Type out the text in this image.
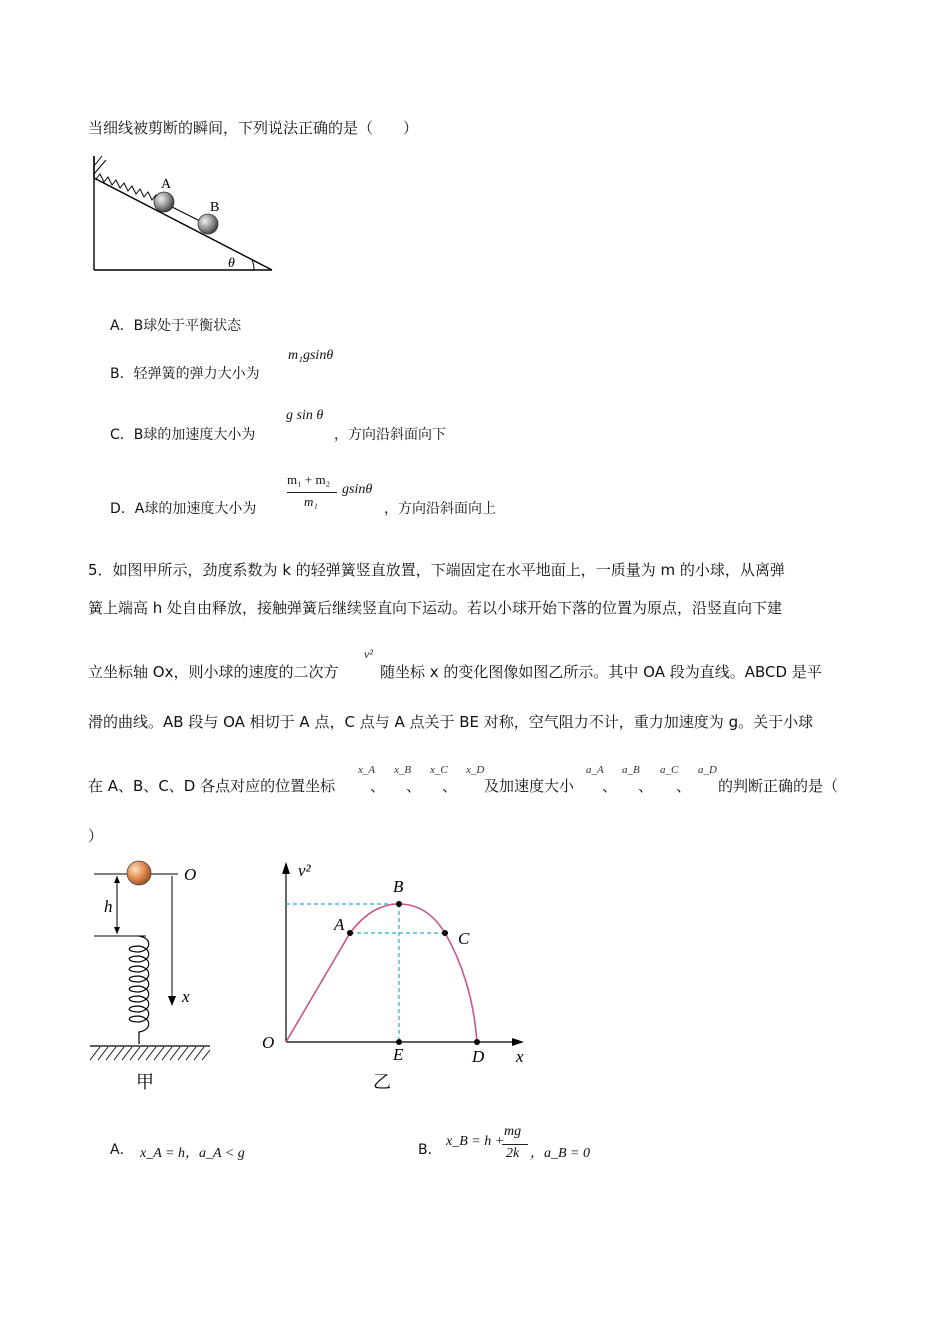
当细线被剪断的瞬间，下列说法正确的是（　　）
A
B
θ
A．B球处于平衡状态
B．轻弹簧的弹力大小为
m₁gsinθ
C．B球的加速度大小为
g sin θ
，方向沿斜面向下
D．A球的加速度大小为
m₁ + m₂
m₁
gsinθ
，方向沿斜面向上
5．如图甲所示，劲度系数为 k 的轻弹簧竖直放置，下端固定在水平地面上，一质量为 m 的小球，从离弹
簧上端高 h 处自由释放，接触弹簧后继续竖直向下运动。若以小球开始下落的位置为原点，沿竖直向下建
立坐标轴 Ox，则小球的速度的二次方
v²
随坐标 x 的变化图像如图乙所示。其中 OA 段为直线。ABCD 是平
滑的曲线。AB 段与 OA 相切于 A 点，C 点与 A 点关于 BE 对称，空气阻力不计，重力加速度为 g。关于小球
在 A、B、C、D 各点对应的位置坐标
x_A
、
x_B
、
x_C
、
x_D
及加速度大小
a_A
、
a_B
、
a_C
、
a_D
的判断正确的是（
）
O
h
x
甲
v²
O
x
A
B
C
D
E
乙
A． x_A = h，a_A < g	B．
x_B = h +
mg
2k ，a_B = 0
